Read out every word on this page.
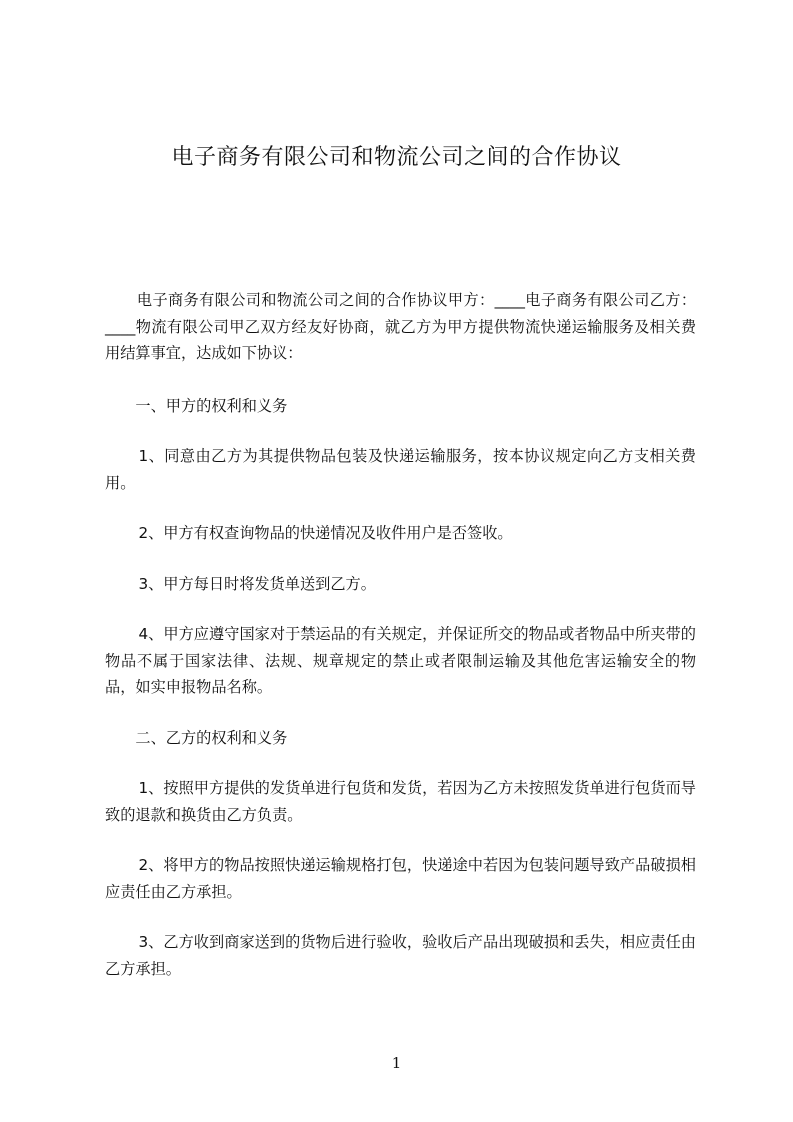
电子商务有限公司和物流公司之间的合作协议

电子商务有限公司和物流公司之间的合作协议甲方：____电子商务有限公司乙方：____物流有限公司甲乙双方经友好协商，就乙方为甲方提供物流快递运输服务及相关费用结算事宜，达成如下协议：

一、甲方的权利和义务

1、同意由乙方为其提供物品包装及快递运输服务，按本协议规定向乙方支相关费用。

2、甲方有权查询物品的快递情况及收件用户是否签收。

3、甲方每日时将发货单送到乙方。

4、甲方应遵守国家对于禁运品的有关规定，并保证所交的物品或者物品中所夹带的物品不属于国家法律、法规、规章规定的禁止或者限制运输及其他危害运输安全的物品，如实申报物品名称。

二、乙方的权利和义务

1、按照甲方提供的发货单进行包货和发货，若因为乙方未按照发货单进行包货而导致的退款和换货由乙方负责。

2、将甲方的物品按照快递运输规格打包，快递途中若因为包装问题导致产品破损相应责任由乙方承担。

3、乙方收到商家送到的货物后进行验收，验收后产品出现破损和丢失，相应责任由乙方承担。

1
